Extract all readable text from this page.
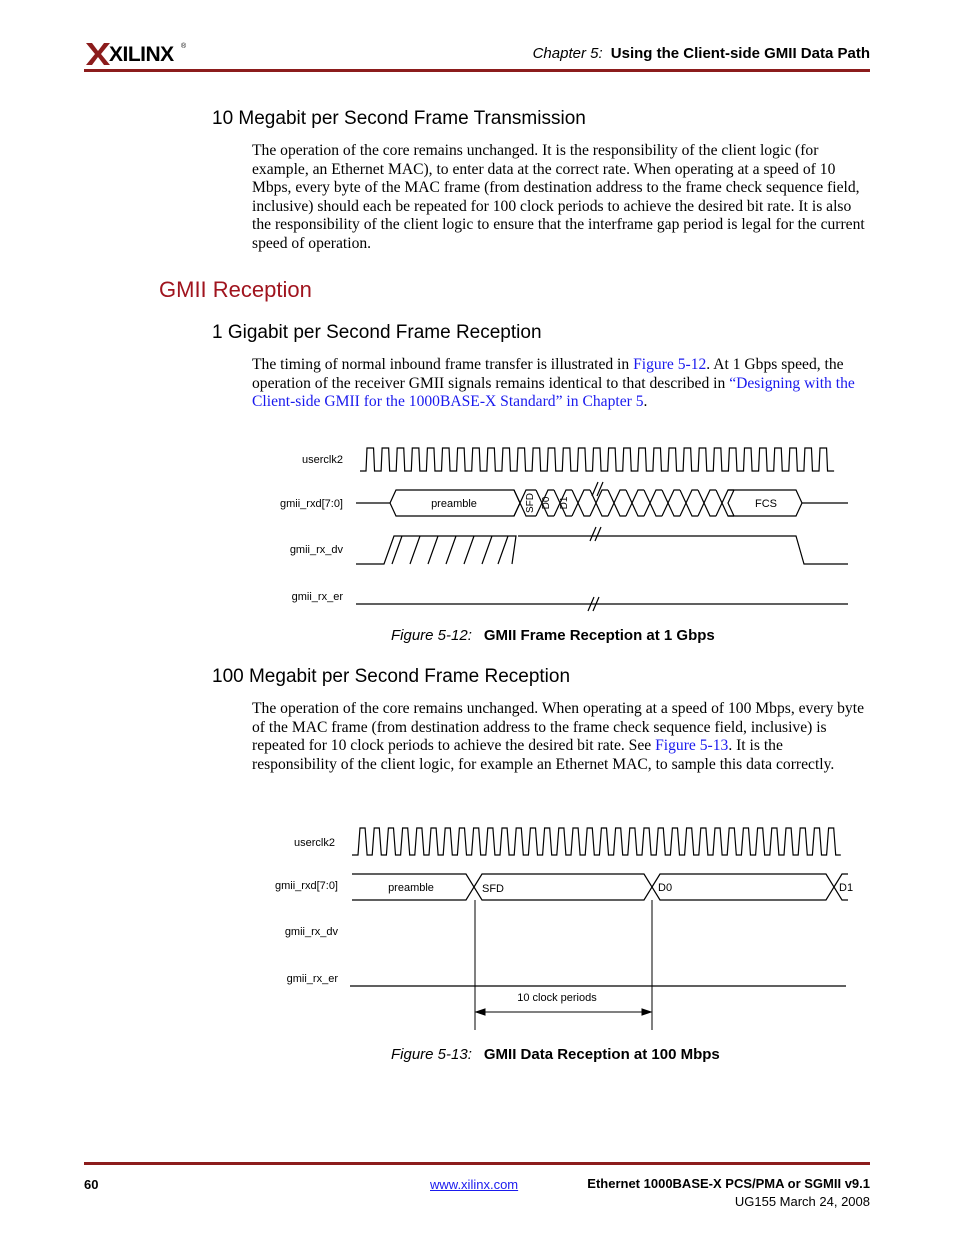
XILINX ®	Chapter 5: Using the Client-side GMII Data Path
10 Megabit per Second Frame Transmission
The operation of the core remains unchanged. It is the responsibility of the client logic (for example, an Ethernet MAC), to enter data at the correct rate. When operating at a speed of 10 Mbps, every byte of the MAC frame (from destination address to the frame check sequence field, inclusive) should each be repeated for 100 clock periods to achieve the desired bit rate. It is also the responsibility of the client logic to ensure that the interframe gap period is legal for the current speed of operation.
GMII Reception
1 Gigabit per Second Frame Reception
The timing of normal inbound frame transfer is illustrated in Figure 5-12. At 1 Gbps speed, the operation of the receiver GMII signals remains identical to that described in “Designing with the Client-side GMII for the 1000BASE-X Standard” in Chapter 5.
userclk2
gmii_rxd[7:0]
gmii_rx_dv
gmii_rx_er
preamble	SFD D0 D1	FCS
Figure 5-12: GMII Frame Reception at 1 Gbps
100 Megabit per Second Frame Reception
The operation of the core remains unchanged. When operating at a speed of 100 Mbps, every byte of the MAC frame (from destination address to the frame check sequence field, inclusive) is repeated for 10 clock periods to achieve the desired bit rate. See Figure 5-13. It is the responsibility of the client logic, for example an Ethernet MAC, to sample this data correctly.
userclk2
gmii_rxd[7:0]
gmii_rx_dv
gmii_rx_er
preamble	SFD	D0	D1
10 clock periods
Figure 5-13: GMII Data Reception at 100 Mbps
60	www.xilinx.com	Ethernet 1000BASE-X PCS/PMA or SGMII v9.1
UG155 March 24, 2008
